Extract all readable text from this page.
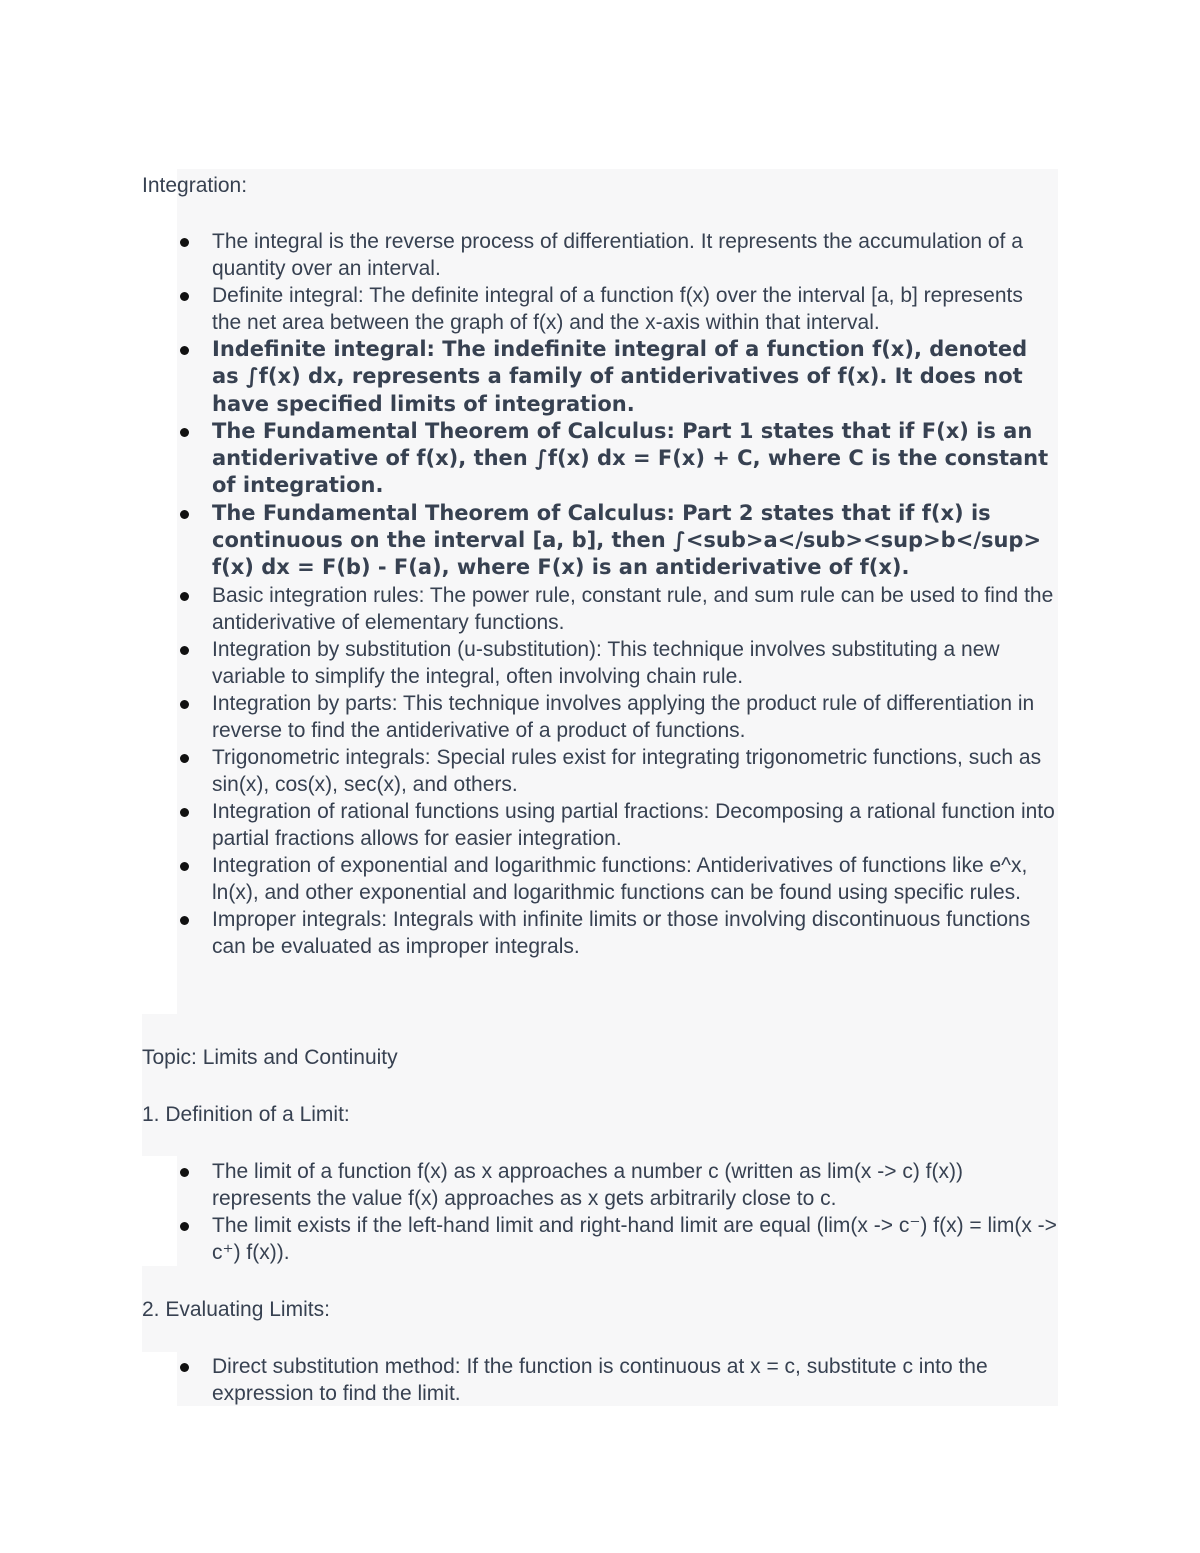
Integration:

The integral is the reverse process of differentiation. It represents the accumulation of a quantity over an interval.
Definite integral: The definite integral of a function f(x) over the interval [a, b] represents the net area between the graph of f(x) and the x-axis within that interval.
Indefinite integral: The indefinite integral of a function f(x), denoted as ∫f(x) dx, represents a family of antiderivatives of f(x). It does not have specified limits of integration.
The Fundamental Theorem of Calculus: Part 1 states that if F(x) is an antiderivative of f(x), then ∫f(x) dx = F(x) + C, where C is the constant of integration.
The Fundamental Theorem of Calculus: Part 2 states that if f(x) is continuous on the interval [a, b], then ∫<sub>a</sub><sup>b</sup> f(x) dx = F(b) - F(a), where F(x) is an antiderivative of f(x).
Basic integration rules: The power rule, constant rule, and sum rule can be used to find the antiderivative of elementary functions.
Integration by substitution (u-substitution): This technique involves substituting a new variable to simplify the integral, often involving chain rule.
Integration by parts: This technique involves applying the product rule of differentiation in reverse to find the antiderivative of a product of functions.
Trigonometric integrals: Special rules exist for integrating trigonometric functions, such as sin(x), cos(x), sec(x), and others.
Integration of rational functions using partial fractions: Decomposing a rational function into partial fractions allows for easier integration.
Integration of exponential and logarithmic functions: Antiderivatives of functions like e^x, ln(x), and other exponential and logarithmic functions can be found using specific rules.
Improper integrals: Integrals with infinite limits or those involving discontinuous functions can be evaluated as improper integrals.

Topic: Limits and Continuity

1. Definition of a Limit:

The limit of a function f(x) as x approaches a number c (written as lim(x -> c) f(x)) represents the value f(x) approaches as x gets arbitrarily close to c.
The limit exists if the left-hand limit and right-hand limit are equal (lim(x -> c⁻) f(x) = lim(x -> c⁺) f(x)).

2. Evaluating Limits:

Direct substitution method: If the function is continuous at x = c, substitute c into the expression to find the limit.
